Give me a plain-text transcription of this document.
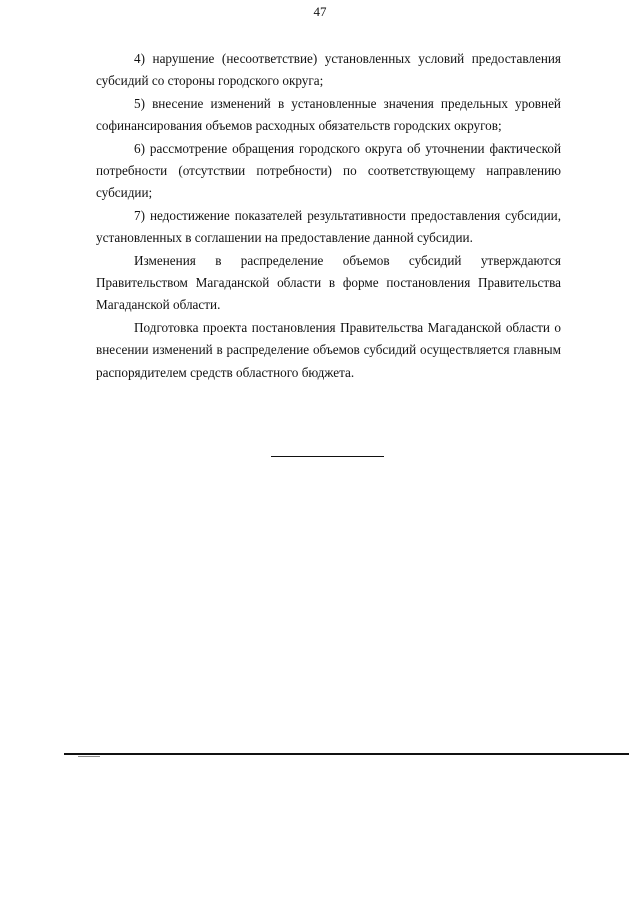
47

4) нарушение (несоответствие) установленных условий предоставления субсидий со стороны городского округа;

5) внесение изменений в установленные значения предельных уровней софинансирования объемов расходных обязательств городских округов;

6) рассмотрение обращения городского округа об уточнении фактической потребности (отсутствии потребности) по соответствующему направлению субсидии;

7) недостижение показателей результативности предоставления субсидии, установленных в соглашении на предоставление данной субсидии.

Изменения в распределение объемов субсидий утверждаются Правительством Магаданской области в форме постановления Правительства Магаданской области.

Подготовка проекта постановления Правительства Магаданской области о внесении изменений в распределение объемов субсидий осуществляется главным распорядителем средств областного бюджета.
